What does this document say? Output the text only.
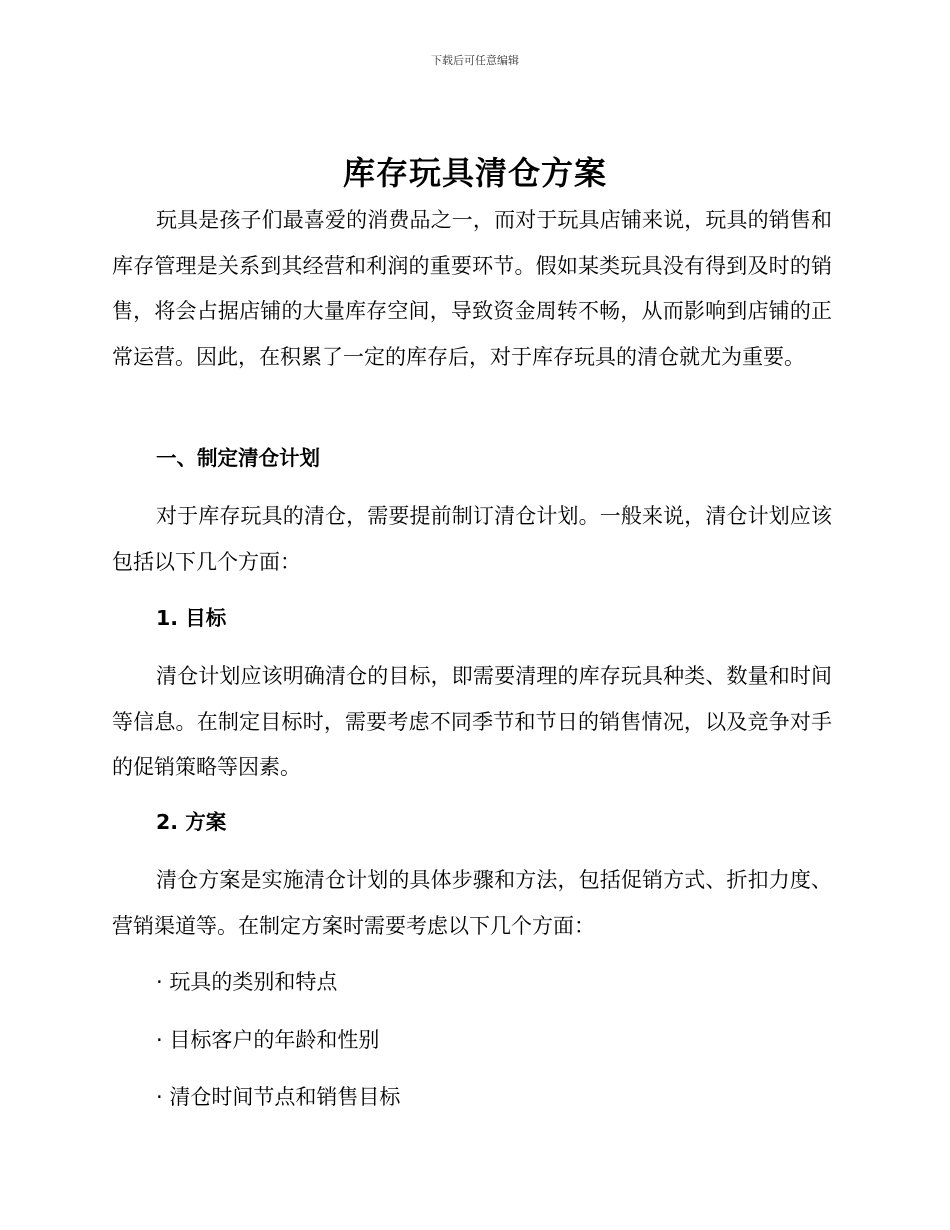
下载后可任意编辑
库存玩具清仓方案

玩具是孩子们最喜爱的消费品之一，而对于玩具店铺来说，玩具的销售和库存管理是关系到其经营和利润的重要环节。假如某类玩具没有得到及时的销售，将会占据店铺的大量库存空间，导致资金周转不畅，从而影响到店铺的正常运营。因此，在积累了一定的库存后，对于库存玩具的清仓就尤为重要。

一、制定清仓计划

对于库存玩具的清仓，需要提前制订清仓计划。一般来说，清仓计划应该包括以下几个方面：

1. 目标

清仓计划应该明确清仓的目标，即需要清理的库存玩具种类、数量和时间等信息。在制定目标时，需要考虑不同季节和节日的销售情况，以及竞争对手的促销策略等因素。

2. 方案

清仓方案是实施清仓计划的具体步骤和方法，包括促销方式、折扣力度、营销渠道等。在制定方案时需要考虑以下几个方面：

· 玩具的类别和特点

· 目标客户的年龄和性别

· 清仓时间节点和销售目标
